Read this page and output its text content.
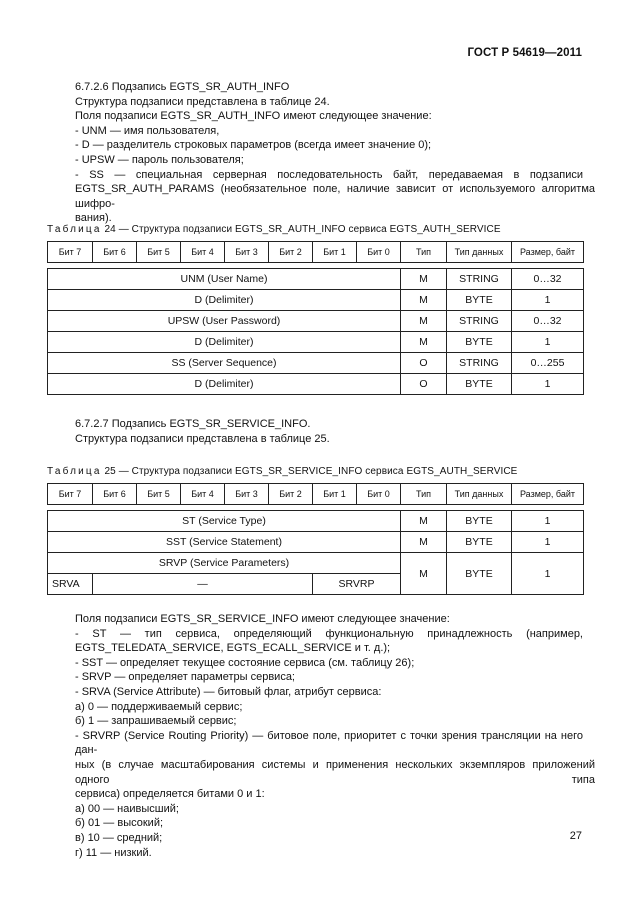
ГОСТ Р 54619—2011
6.7.2.6 Подзапись EGTS_SR_AUTH_INFO
Структура подзаписи представлена в таблице 24.
Поля подзаписи EGTS_SR_AUTH_INFO имеют следующее значение:
- UNM — имя пользователя,
- D — разделитель строковых параметров (всегда имеет значение 0);
- UPSW — пароль пользователя;
- SS — специальная серверная последовательность байт, передаваемая в подзаписи
EGTS_SR_AUTH_PARAMS (необязательное поле, наличие зависит от используемого алгоритма шифро-
вания).
Таблица 24 — Структура подзаписи EGTS_SR_AUTH_INFO сервиса EGTS_AUTH_SERVICE
Бит 7	Бит 6	Бит 5	Бит 4	Бит 3	Бит 2	Бит 1	Бит 0	Тип	Тип данных	Размер, байт

UNM (User Name)								M	STRING	0…32
D (Delimiter)								M	BYTE	1
UPSW (User Password)								M	STRING	0…32
D (Delimiter)								M	BYTE	1
SS (Server Sequence)								O	STRING	0…255
D (Delimiter)								O	BYTE	1
6.7.2.7 Подзапись EGTS_SR_SERVICE_INFO.
Структура подзаписи представлена в таблице 25.
Таблица 25 — Структура подзаписи EGTS_SR_SERVICE_INFO сервиса EGTS_AUTH_SERVICE
Бит 7	Бит 6	Бит 5	Бит 4	Бит 3	Бит 2	Бит 1	Бит 0	Тип	Тип данных	Размер, байт

ST (Service Type)								M	BYTE	1
SST (Service Statement)								M	BYTE	1
SRVP (Service Parameters)								M	BYTE	1
SRVA	—					SRVRP				
Поля подзаписи EGTS_SR_SERVICE_INFO имеют следующее значение:
- ST — тип сервиса, определяющий функциональную принадлежность (например,
EGTS_TELEDATA_SERVICE, EGTS_ECALL_SERVICE и т. д.);
- SST — определяет текущее состояние сервиса (см. таблицу 26);
- SRVP — определяет параметры сервиса;
- SRVA (Service Attribute) — битовый флаг, атрибут сервиса:
а) 0 — поддерживаемый сервис;
б) 1 — запрашиваемый сервис;
- SRVRP (Service Routing Priority) — битовое поле, приоритет с точки зрения трансляции на него дан-
ных (в случае масштабирования системы и применения нескольких экземпляров приложений одного типа
сервиса) определяется битами 0 и 1:
а) 00 — наивысший;
б) 01 — высокий;
в) 10 — средний;
г) 11 — низкий.
27
